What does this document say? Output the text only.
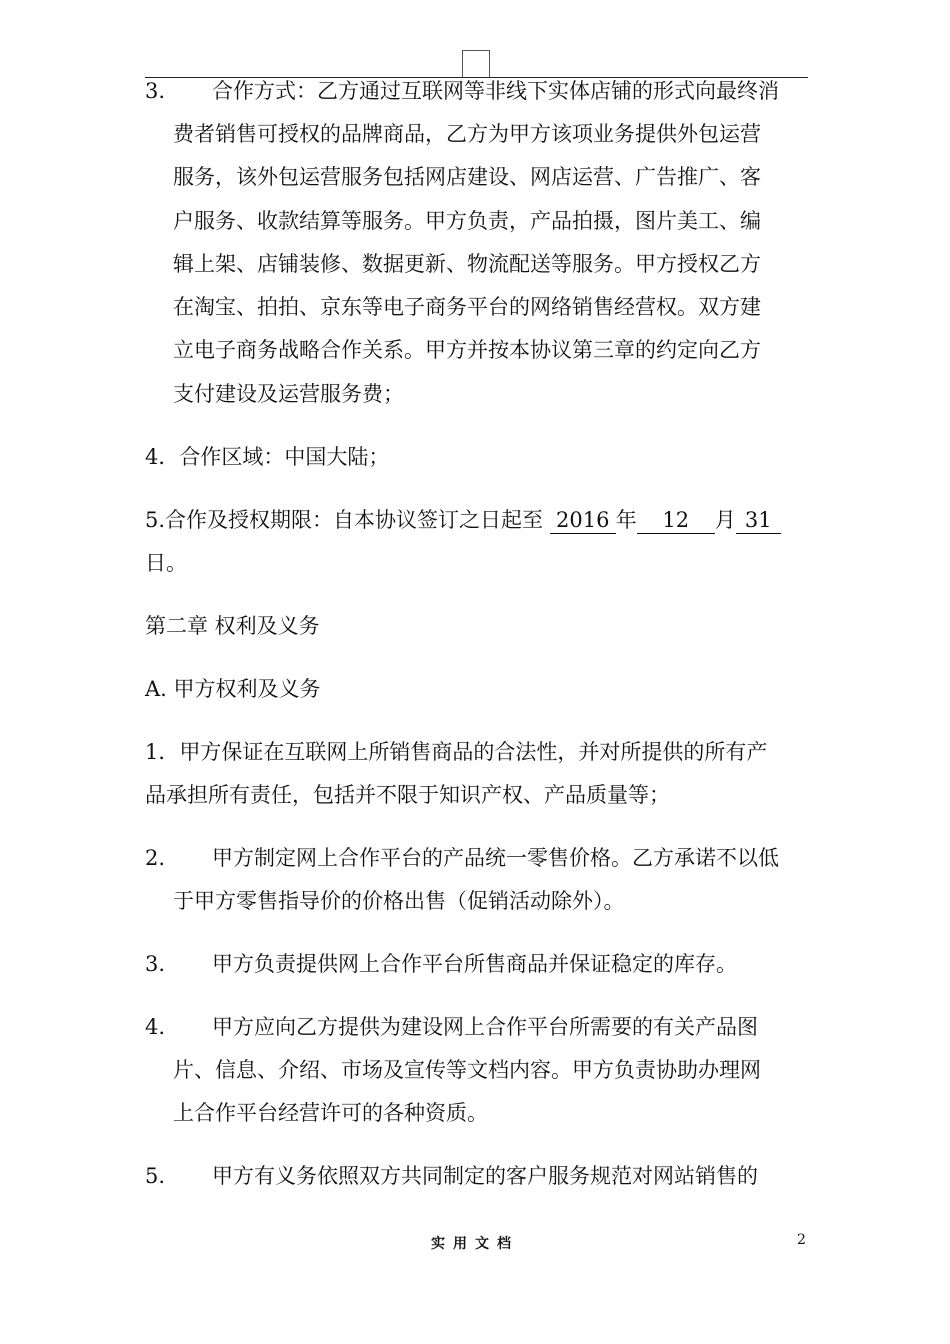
3. 合作方式：乙方通过互联网等非线下实体店铺的形式向最终消
费者销售可授权的品牌商品，乙方为甲方该项业务提供外包运营
服务，该外包运营服务包括网店建设、网店运营、广告推广、客
户服务、收款结算等服务。甲方负责，产品拍摄，图片美工、编
辑上架、店铺装修、数据更新、物流配送等服务。甲方授权乙方
在淘宝、拍拍、京东等电子商务平台的网络销售经营权。双方建
立电子商务战略合作关系。甲方并按本协议第三章的约定向乙方
支付建设及运营服务费；
4．合作区域：中国大陆；
5.合作及授权期限：自本协议签订之日起至 2016 年 12 月 31
日。
第二章 权利及义务
A. 甲方权利及义务
1．甲方保证在互联网上所销售商品的合法性，并对所提供的所有产
品承担所有责任，包括并不限于知识产权、产品质量等；
2. 甲方制定网上合作平台的产品统一零售价格。乙方承诺不以低
于甲方零售指导价的价格出售（促销活动除外）。
3. 甲方负责提供网上合作平台所售商品并保证稳定的库存。
4. 甲方应向乙方提供为建设网上合作平台所需要的有关产品图
片、信息、介绍、市场及宣传等文档内容。甲方负责协助办理网
上合作平台经营许可的各种资质。
5. 甲方有义务依照双方共同制定的客户服务规范对网站销售的
实用文档	2
